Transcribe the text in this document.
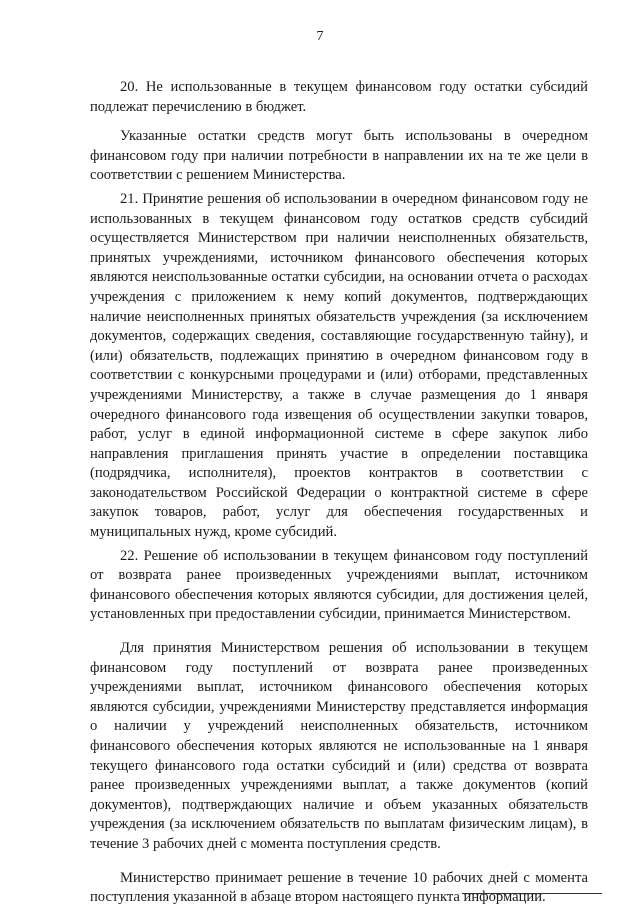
7

20. Не использованные в текущем финансовом году остатки субсидий подлежат перечислению в бюджет.

Указанные остатки средств могут быть использованы в очередном финансовом году при наличии потребности в направлении их на те же цели в соответствии с решением Министерства.

21. Принятие решения об использовании в очередном финансовом году не использованных в текущем финансовом году остатков средств субсидий осуществляется Министерством при наличии неисполненных обязательств, принятых учреждениями, источником финансового обеспечения которых являются неиспользованные остатки субсидии, на основании отчета о расходах учреждения с приложением к нему копий документов, подтверждающих наличие неисполненных принятых обязательств учреждения (за исключением документов, содержащих сведения, составляющие государственную тайну), и (или) обязательств, подлежащих принятию в очередном финансовом году в соответствии с конкурсными процедурами и (или) отборами, представленных учреждениями Министерству, а также в случае размещения до 1 января очередного финансового года извещения об осуществлении закупки товаров, работ, услуг в единой информационной системе в сфере закупок либо направления приглашения принять участие в определении поставщика (подрядчика, исполнителя), проектов контрактов в соответствии с законодательством Российской Федерации о контрактной системе в сфере закупок товаров, работ, услуг для обеспечения государственных и муниципальных нужд, кроме субсидий.

22. Решение об использовании в текущем финансовом году поступлений от возврата ранее произведенных учреждениями выплат, источником финансового обеспечения которых являются субсидии, для достижения целей, установленных при предоставлении субсидии, принимается Министерством.

Для принятия Министерством решения об использовании в текущем финансовом году поступлений от возврата ранее произведенных учреждениями выплат, источником финансового обеспечения которых являются субсидии, учреждениями Министерству представляется информация о наличии у учреждений неисполненных обязательств, источником финансового обеспечения которых являются не использованные на 1 января текущего финансового года остатки субсидий и (или) средства от возврата ранее произведенных учреждениями выплат, а также документов (копий документов), подтверждающих наличие и объем указанных обязательств учреждения (за исключением обязательств по выплатам физическим лицам), в течение 3 рабочих дней с момента поступления средств.

Министерство принимает решение в течение 10 рабочих дней с момента поступления указанной в абзаце втором настоящего пункта информации.
